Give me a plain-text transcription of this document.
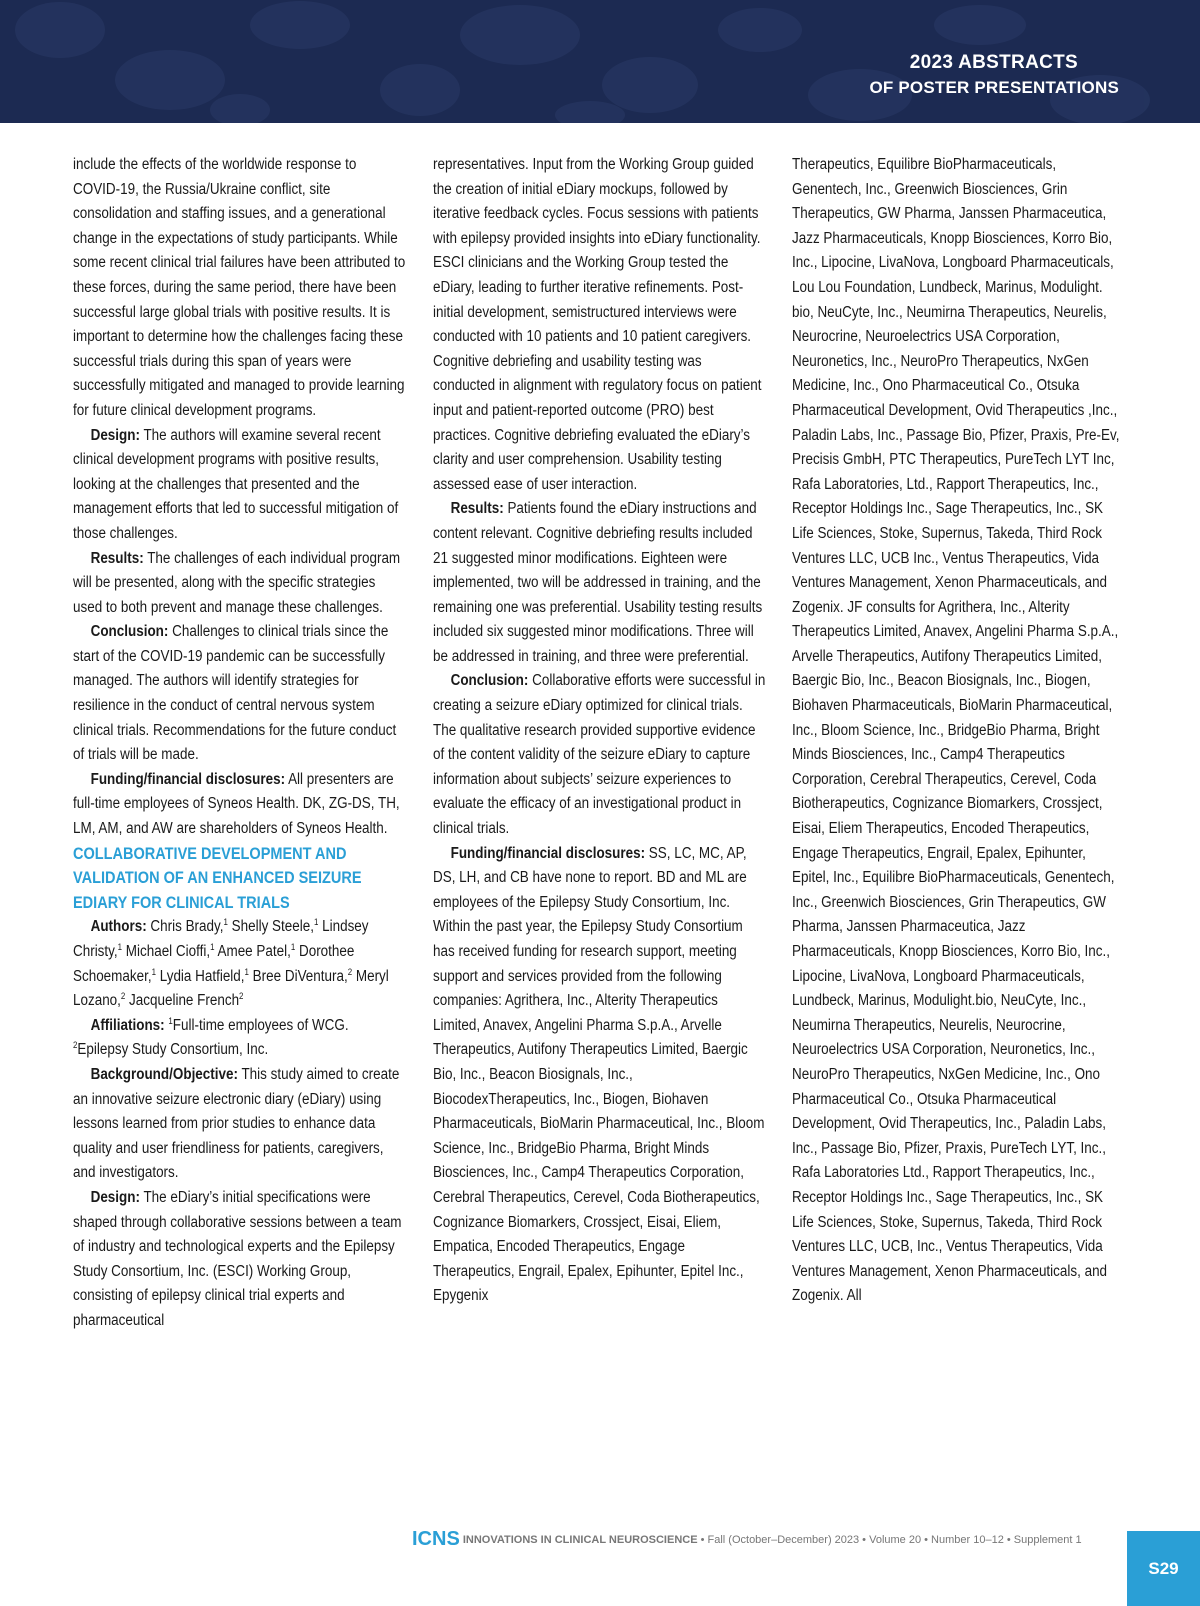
2023 ABSTRACTS
OF POSTER PRESENTATIONS

include the effects of the worldwide response to COVID-19, the Russia/Ukraine conflict, site consolidation and staffing issues, and a generational change in the expectations of study participants. While some recent clinical trial failures have been attributed to these forces, during the same period, there have been successful large global trials with positive results. It is important to determine how the challenges facing these successful trials during this span of years were successfully mitigated and managed to provide learning for future clinical development programs.

Design: The authors will examine several recent clinical development programs with positive results, looking at the challenges that presented and the management efforts that led to successful mitigation of those challenges.

Results: The challenges of each individual program will be presented, along with the specific strategies used to both prevent and manage these challenges.

Conclusion: Challenges to clinical trials since the start of the COVID-19 pandemic can be successfully managed. The authors will identify strategies for resilience in the conduct of central nervous system clinical trials. Recommendations for the future conduct of trials will be made.

Funding/financial disclosures: All presenters are full-time employees of Syneos Health. DK, ZG-DS, TH, LM, AM, and AW are shareholders of Syneos Health.

COLLABORATIVE DEVELOPMENT AND VALIDATION OF AN ENHANCED SEIZURE EDIARY FOR CLINICAL TRIALS

Authors: Chris Brady,$^1$ Shelly Steele,$^1$ Lindsey Christy,$^1$ Michael Cioffi,$^1$ Amee Patel,$^1$ Dorothee Schoemaker,$^1$ Lydia Hatfield,$^1$ Bree DiVentura,$^2$ Meryl Lozano,$^2$ Jacqueline French$^2$

Affiliations: $^1$Full-time employees of WCG. $^2$Epilepsy Study Consortium, Inc.

Background/Objective: This study aimed to create an innovative seizure electronic diary (eDiary) using lessons learned from prior studies to enhance data quality and user friendliness for patients, caregivers, and investigators.

Design: The eDiary’s initial specifications were shaped through collaborative sessions between a team of industry and technological experts and the Epilepsy Study Consortium, Inc. (ESCI) Working Group, consisting of epilepsy clinical trial experts and pharmaceutical

representatives. Input from the Working Group guided the creation of initial eDiary mockups, followed by iterative feedback cycles. Focus sessions with patients with epilepsy provided insights into eDiary functionality. ESCI clinicians and the Working Group tested the eDiary, leading to further iterative refinements. Post-initial development, semistructured interviews were conducted with 10 patients and 10 patient caregivers. Cognitive debriefing and usability testing was conducted in alignment with regulatory focus on patient input and patient-reported outcome (PRO) best practices. Cognitive debriefing evaluated the eDiary’s clarity and user comprehension. Usability testing assessed ease of user interaction.

Results: Patients found the eDiary instructions and content relevant. Cognitive debriefing results included 21 suggested minor modifications. Eighteen were implemented, two will be addressed in training, and the remaining one was preferential. Usability testing results included six suggested minor modifications. Three will be addressed in training, and three were preferential.

Conclusion: Collaborative efforts were successful in creating a seizure eDiary optimized for clinical trials. The qualitative research provided supportive evidence of the content validity of the seizure eDiary to capture information about subjects’ seizure experiences to evaluate the efficacy of an investigational product in clinical trials.

Funding/financial disclosures: SS, LC, MC, AP, DS, LH, and CB have none to report. BD and ML are employees of the Epilepsy Study Consortium, Inc. Within the past year, the Epilepsy Study Consortium has received funding for research support, meeting support and services provided from the following companies: Agrithera, Inc., Alterity Therapeutics Limited, Anavex, Angelini Pharma S.p.A., Arvelle Therapeutics, Autifony Therapeutics Limited, Baergic Bio, Inc., Beacon Biosignals, Inc., BiocodexTherapeutics, Inc., Biogen, Biohaven Pharmaceuticals, BioMarin Pharmaceutical, Inc., Bloom Science, Inc., BridgeBio Pharma, Bright Minds Biosciences, Inc., Camp4 Therapeutics Corporation, Cerebral Therapeutics, Cerevel, Coda Biotherapeutics, Cognizance Biomarkers, Crossject, Eisai, Eliem, Empatica, Encoded Therapeutics, Engage Therapeutics, Engrail, Epalex, Epihunter, Epitel Inc., Epygenix

Therapeutics, Equilibre BioPharmaceuticals, Genentech, Inc., Greenwich Biosciences, Grin Therapeutics, GW Pharma, Janssen Pharmaceutica, Jazz Pharmaceuticals, Knopp Biosciences, Korro Bio, Inc., Lipocine, LivaNova, Longboard Pharmaceuticals, Lou Lou Foundation, Lundbeck, Marinus, Modulight. bio, NeuCyte, Inc., Neumirna Therapeutics, Neurelis, Neurocrine, Neuroelectrics USA Corporation, Neuronetics, Inc., NeuroPro Therapeutics, NxGen Medicine, Inc., Ono Pharmaceutical Co., Otsuka Pharmaceutical Development, Ovid Therapeutics ,Inc., Paladin Labs, Inc., Passage Bio, Pfizer, Praxis, Pre-Ev, Precisis GmbH, PTC Therapeutics, PureTech LYT Inc, Rafa Laboratories, Ltd., Rapport Therapeutics, Inc., Receptor Holdings Inc., Sage Therapeutics, Inc., SK Life Sciences, Stoke, Supernus, Takeda, Third Rock Ventures LLC, UCB Inc., Ventus Therapeutics, Vida Ventures Management, Xenon Pharmaceuticals, and Zogenix. JF consults for Agrithera, Inc., Alterity Therapeutics Limited, Anavex, Angelini Pharma S.p.A., Arvelle Therapeutics, Autifony Therapeutics Limited, Baergic Bio, Inc., Beacon Biosignals, Inc., Biogen, Biohaven Pharmaceuticals, BioMarin Pharmaceutical, Inc., Bloom Science, Inc., BridgeBio Pharma, Bright Minds Biosciences, Inc., Camp4 Therapeutics Corporation, Cerebral Therapeutics, Cerevel, Coda Biotherapeutics, Cognizance Biomarkers, Crossject, Eisai, Eliem Therapeutics, Encoded Therapeutics, Engage Therapeutics, Engrail, Epalex, Epihunter, Epitel, Inc., Equilibre BioPharmaceuticals, Genentech, Inc., Greenwich Biosciences, Grin Therapeutics, GW Pharma, Janssen Pharmaceutica, Jazz Pharmaceuticals, Knopp Biosciences, Korro Bio, Inc., Lipocine, LivaNova, Longboard Pharmaceuticals, Lundbeck, Marinus, Modulight.bio, NeuCyte, Inc., Neumirna Therapeutics, Neurelis, Neurocrine, Neuroelectrics USA Corporation, Neuronetics, Inc., NeuroPro Therapeutics, NxGen Medicine, Inc., Ono Pharmaceutical Co., Otsuka Pharmaceutical Development, Ovid Therapeutics, Inc., Paladin Labs, Inc., Passage Bio, Pfizer, Praxis, PureTech LYT, Inc., Rafa Laboratories Ltd., Rapport Therapeutics, Inc., Receptor Holdings Inc., Sage Therapeutics, Inc., SK Life Sciences, Stoke, Supernus, Takeda, Third Rock Ventures LLC, UCB, Inc., Ventus Therapeutics, Vida Ventures Management, Xenon Pharmaceuticals, and Zogenix. All

ICNS INNOVATIONS IN CLINICAL NEUROSCIENCE • Fall (October–December) 2023 • Volume 20 • Number 10–12 • Supplement 1
S29
